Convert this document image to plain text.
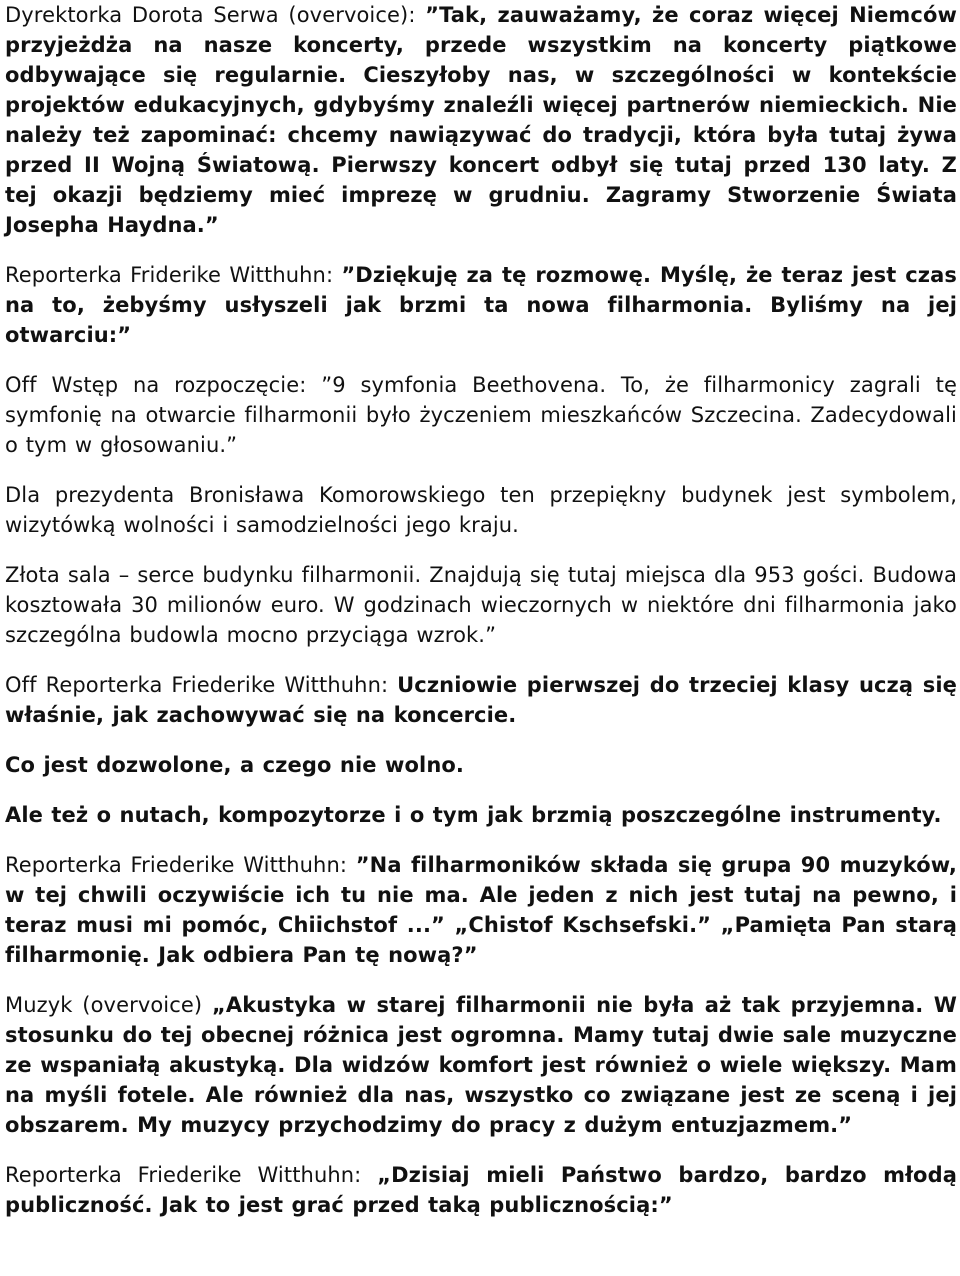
Dyrektorka Dorota Serwa (overvoice): ”Tak, zauważamy, że coraz więcej Niemców przyjeżdża na nasze koncerty, przede wszystkim na koncerty piątkowe odbywające się regularnie. Cieszyłoby nas, w szczególności w kontekście projektów edukacyjnych, gdybyśmy znaleźli więcej partnerów niemieckich. Nie należy też zapominać: chcemy nawiązywać do tradycji, która była tutaj żywa przed II Wojną Światową. Pierwszy koncert odbył się tutaj przed 130 laty. Z tej okazji będziemy mieć imprezę w grudniu. Zagramy Stworzenie Świata Josepha Haydna.”

Reporterka Friderike Witthuhn: ”Dziękuję za tę rozmowę. Myślę, że teraz jest czas na to, żebyśmy usłyszeli jak brzmi ta nowa filharmonia. Byliśmy na jej otwarciu:”

Off Wstęp na rozpoczęcie: ”9 symfonia Beethovena. To, że filharmonicy zagrali tę symfonię na otwarcie filharmonii było życzeniem mieszkańców Szczecina. Zadecydowali o tym w głosowaniu.”

Dla prezydenta Bronisława Komorowskiego ten przepiękny budynek jest symbolem, wizytówką wolności i samodzielności jego kraju.

Złota sala – serce budynku filharmonii. Znajdują się tutaj miejsca dla 953 gości. Budowa kosztowała 30 milionów euro. W godzinach wieczornych w niektóre dni filharmonia jako szczególna budowla mocno przyciąga wzrok.”

Off Reporterka Friederike Witthuhn: Uczniowie pierwszej do trzeciej klasy uczą się właśnie, jak zachowywać się na koncercie.

Co jest dozwolone, a czego nie wolno.

Ale też o nutach, kompozytorze i o tym jak brzmią poszczególne instrumenty.

Reporterka Friederike Witthuhn: ”Na filharmoników składa się grupa 90 muzyków, w tej chwili oczywiście ich tu nie ma. Ale jeden z nich jest tutaj na pewno, i teraz musi mi pomóc, Chiichstof ...” „Chistof Kschsefski.” „Pamięta Pan starą filharmonię. Jak odbiera Pan tę nową?”

Muzyk (overvoice) „Akustyka w starej filharmonii nie była aż tak przyjemna. W stosunku do tej obecnej różnica jest ogromna. Mamy tutaj dwie sale muzyczne ze wspaniałą akustyką. Dla widzów komfort jest również o wiele większy. Mam na myśli fotele. Ale również dla nas, wszystko co związane jest ze sceną i jej obszarem. My muzycy przychodzimy do pracy z dużym entuzjazmem.”

Reporterka Friederike Witthuhn: „Dzisiaj mieli Państwo bardzo, bardzo młodą publiczność. Jak to jest grać przed taką publicznością:”
